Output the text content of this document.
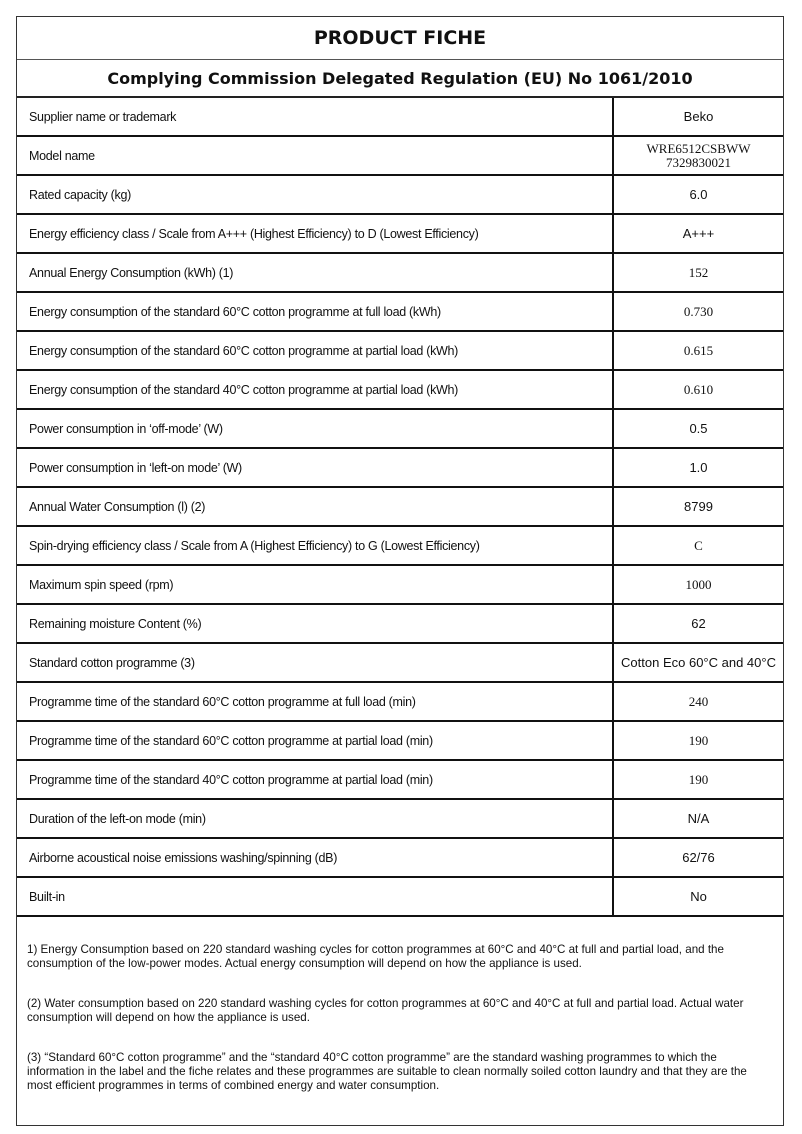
PRODUCT FICHE
Complying Commission Delegated Regulation (EU) No 1061/2010
Supplier name or trademark	Beko
Model name	WRE6512CSBWW
7329830021
Rated capacity (kg)	6.0
Energy efficiency class / Scale from A+++ (Highest Efficiency) to D (Lowest Efficiency)	A+++
Annual Energy Consumption (kWh) (1)	152
Energy consumption of the standard 60°C cotton programme at full load (kWh)	0.730
Energy consumption of the standard 60°C cotton programme at partial load (kWh)	0.615
Energy consumption of the standard 40°C cotton programme at partial load (kWh)	0.610
Power consumption in ‘off-mode’ (W)	0.5
Power consumption in ‘left-on mode’ (W)	1.0
Annual Water Consumption (l) (2)	8799
Spin-drying efficiency class / Scale from A (Highest Efficiency) to G (Lowest Efficiency)	C
Maximum spin speed (rpm)	1000
Remaining moisture Content (%)	62
Standard cotton programme (3)	Cotton Eco 60°C and 40°C
Programme time of the standard 60°C cotton programme at full load (min)	240
Programme time of the standard 60°C cotton programme at partial load (min)	190
Programme time of the standard 40°C cotton programme at partial load (min)	190
Duration of the left-on mode (min)	N/A
Airborne acoustical noise emissions washing/spinning (dB)	62/76
Built-in	No

1) Energy Consumption based on 220 standard washing cycles for cotton programmes at 60°C and 40°C at full and partial load, and the consumption of the low-power modes. Actual energy consumption will depend on how the appliance is used.

(2) Water consumption based on 220 standard washing cycles for cotton programmes at 60°C and 40°C at full and partial load. Actual water consumption will depend on how the appliance is used.

(3) “Standard 60°C cotton programme” and the “standard 40°C cotton programme” are the standard washing programmes to which the information in the label and the fiche relates and these programmes are suitable to clean normally soiled cotton laundry and that they are the most efficient programmes in terms of combined energy and water consumption.
